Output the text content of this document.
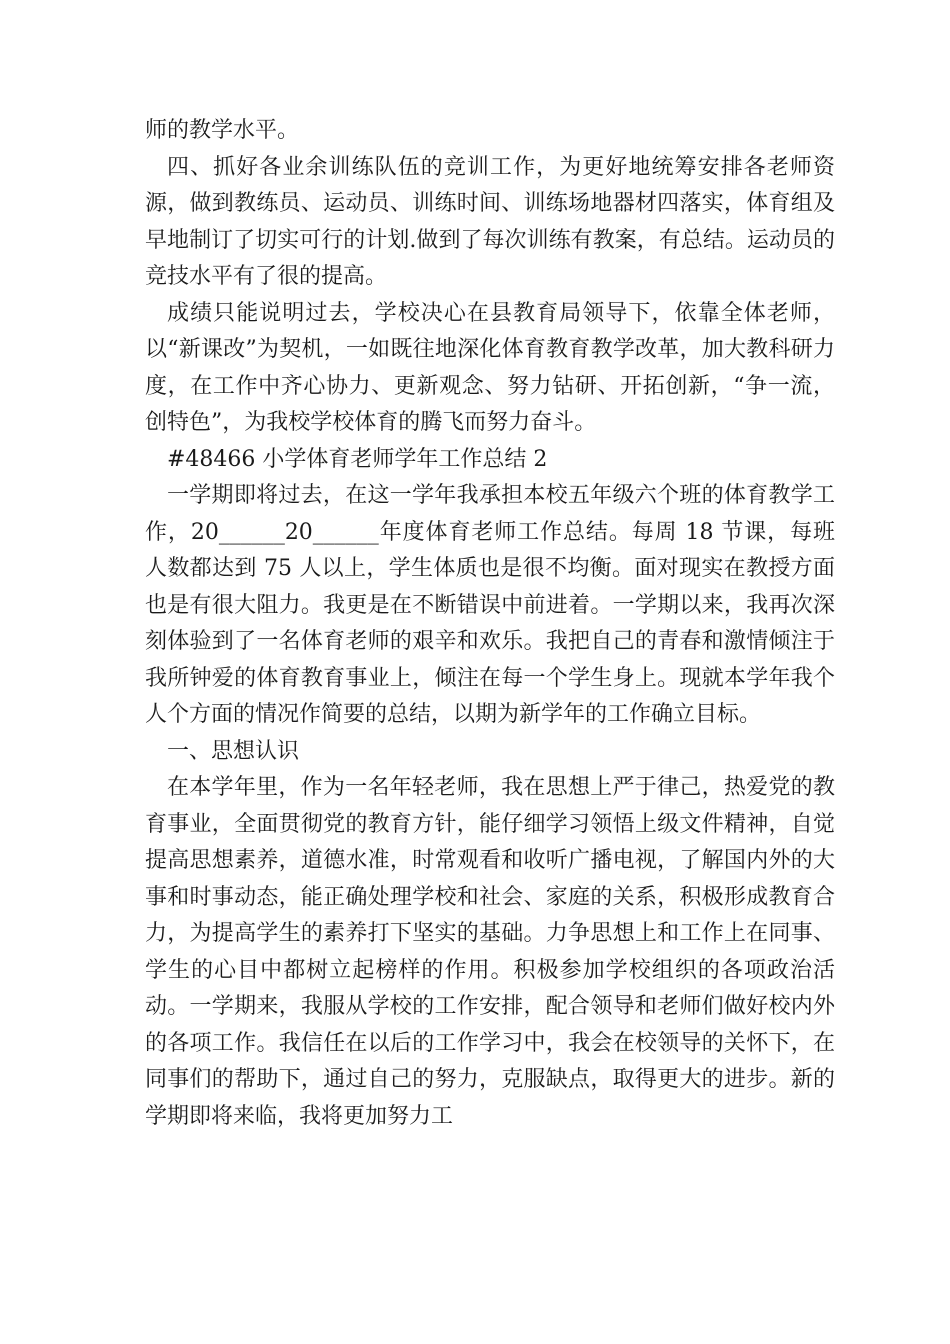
师的教学水平。

四、抓好各业余训练队伍的竞训工作，为更好地统筹安排各老师资源，做到教练员、运动员、训练时间、训练场地器材四落实，体育组及早地制订了切实可行的计划.做到了每次训练有教案，有总结。运动员的竞技水平有了很的提高。

成绩只能说明过去，学校决心在县教育局领导下，依靠全体老师，以“新课改”为契机，一如既往地深化体育教育教学改革，加大教科研力度，在工作中齐心协力、更新观念、努力钻研、开拓创新，“争一流，创特色”，为我校学校体育的腾飞而努力奋斗。

#48466 小学体育老师学年工作总结 2

一学期即将过去，在这一学年我承担本校五年级六个班的体育教学工作，20______20______年度体育老师工作总结。每周 18 节课，每班人数都达到 75 人以上，学生体质也是很不均衡。面对现实在教授方面也是有很大阻力。我更是在不断错误中前进着。一学期以来，我再次深刻体验到了一名体育老师的艰辛和欢乐。我把自己的青春和激情倾注于我所钟爱的体育教育事业上，倾注在每一个学生身上。现就本学年我个人个方面的情况作简要的总结，以期为新学年的工作确立目标。

一、思想认识

在本学年里，作为一名年轻老师，我在思想上严于律己，热爱党的教育事业，全面贯彻党的教育方针，能仔细学习领悟上级文件精神，自觉提高思想素养，道德水准，时常观看和收听广播电视，了解国内外的大事和时事动态，能正确处理学校和社会、家庭的关系，积极形成教育合力，为提高学生的素养打下坚实的基础。力争思想上和工作上在同事、学生的心目中都树立起榜样的作用。积极参加学校组织的各项政治活动。一学期来，我服从学校的工作安排，配合领导和老师们做好校内外的各项工作。我信任在以后的工作学习中，我会在校领导的关怀下，在同事们的帮助下，通过自己的努力，克服缺点，取得更大的进步。新的学期即将来临，我将更加努力工
